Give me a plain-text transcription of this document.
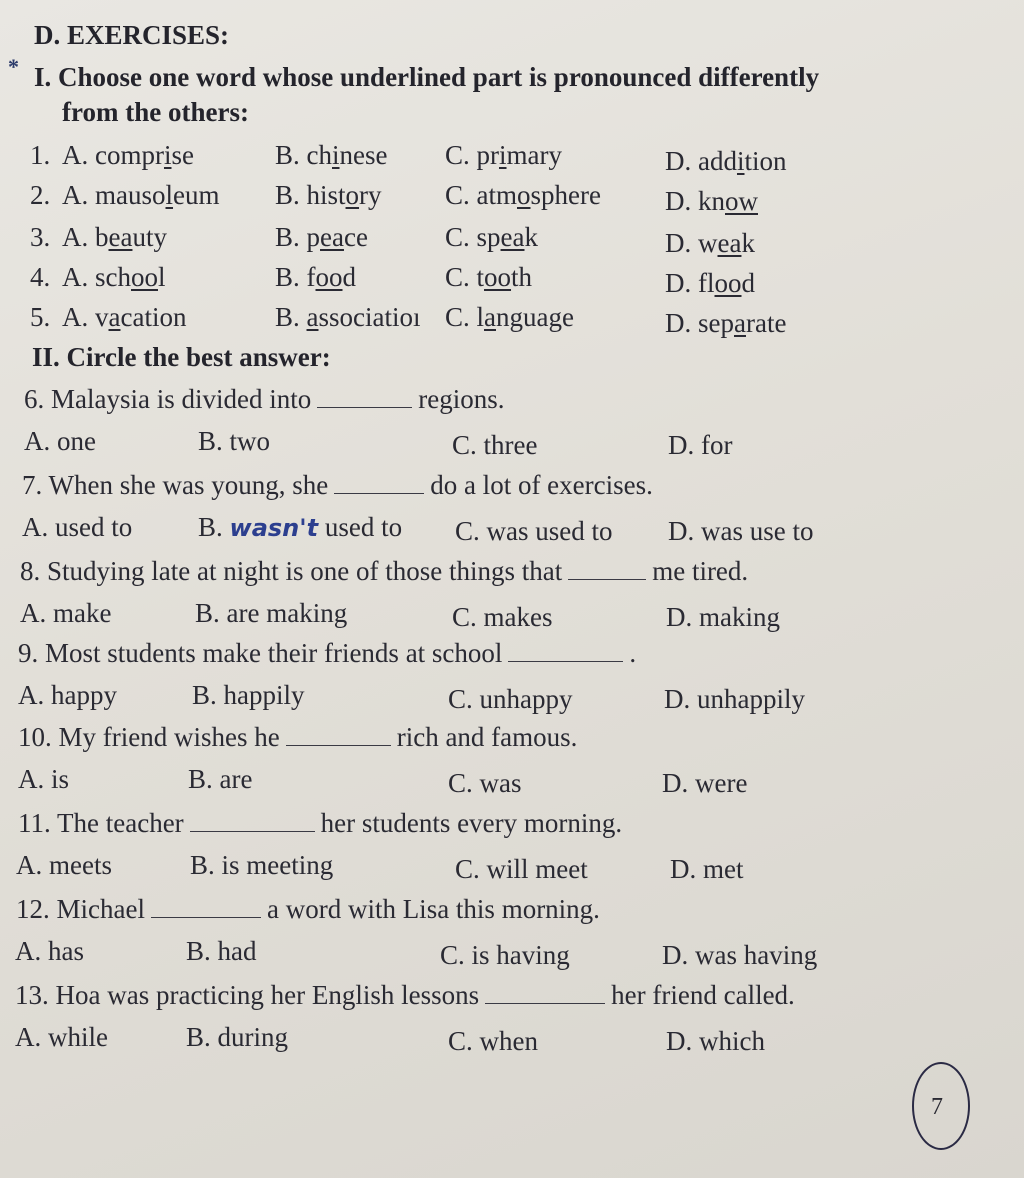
D. EXERCISES:
* I. Choose one word whose underlined part is pronounced differently
from the others:
1. A. comprise	B. chinese C. primary	D. addition
2. A. mausoleum B. history C. atmosphere D. know
3. A. beauty	B. peace	C. speak	D. weak
4. A. school	B. food	C. tooth	D. flood
5. A. vacation	B. associatioı C. language	D. separate
II. Circle the best answer:
6. Malaysia is divided into	regions.
A. one	B. two	C. three	D. for
7. When she was young, she	do a lot of exercises.
A. used to B. wasn't used to C. was used to D. was use to
8. Studying late at night is one of those things that	me tired.
A. make	B. are making	C. makes	D. making
9. Most students make their friends at school	.
A. happy	B. happily	C. unhappy	D. unhappily
10. My friend wishes he	rich and famous.
A. is	B. are	C. was	D. were
11. The teacher	her students every morning.
A. meets	B. is meeting	C. will meet	D. met
12. Michael	a word with Lisa this morning.
A. has	B. had	C. is having	D. was having
13. Hoa was practicing her English lessons	her friend called.
A. while	B. during	C. when	D. which
7
